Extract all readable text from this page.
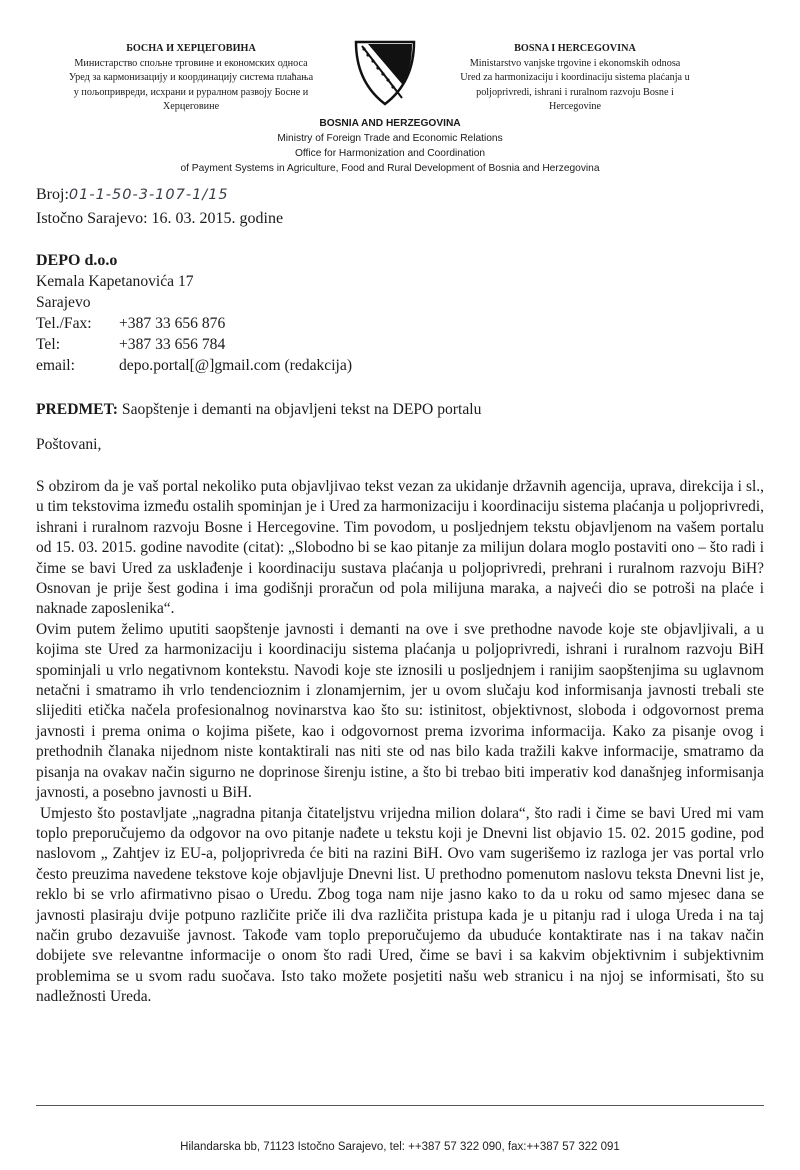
БОСНА И ХЕРЦЕГОВИНА
Министарство спољне трговине и економских односа
Уред за кармонизацију и координацију система плаћања
у пољопривреди, исхрани и руралном развоју Босне и
Херцеговине
BOSNA I HERCEGOVINA
Ministarstvo vanjske trgovine i ekonomskih odnosa
Ured za harmonizaciju i koordinaciju sistema plaćanja u
poljoprivredi, ishrani i ruralnom razvoju Bosne i
Hercegovine
BOSNIA AND HERZEGOVINA
Ministry of Foreign Trade and Economic Relations
Office for Harmonization and Coordination
of Payment Systems in Agriculture, Food and Rural Development of Bosnia and Herzegovina
Broj:01-1-50-3-107-1/15
Istočno Sarajevo: 16. 03. 2015. godine
DEPO d.o.o
Kemala Kapetanovića 17
Sarajevo
Tel./Fax:	+387 33 656 876
Tel:	+387 33 656 784
email:	depo.portal[@]gmail.com (redakcija)
PREDMET: Saopštenje i demanti na objavljeni tekst na DEPO portalu
Poštovani,

S obzirom da je vaš portal nekoliko puta objavljivao tekst vezan za ukidanje državnih agencija, uprava, direkcija i sl., u tim tekstovima između ostalih spominjan je i Ured za harmonizaciju i koordinaciju sistema plaćanja u poljoprivredi, ishrani i ruralnom razvoju Bosne i Hercegovine. Tim povodom, u posljednjem tekstu objavljenom na vašem portalu od 15. 03. 2015. godine navodite (citat): „Slobodno bi se kao pitanje za milijun dolara moglo postaviti ono – što radi i čime se bavi Ured za usklađenje i koordinaciju sustava plaćanja u poljoprivredi, prehrani i ruralnom razvoju BiH? Osnovan je prije šest godina i ima godišnji proračun od pola milijuna maraka, a najveći dio se potroši na plaće i naknade zaposlenika“.

Ovim putem želimo uputiti saopštenje javnosti i demanti na ove i sve prethodne navode koje ste objavljivali, a u kojima ste Ured za harmonizaciju i koordinaciju sistema plaćanja u poljoprivredi, ishrani i ruralnom razvoju BiH spominjali u vrlo negativnom kontekstu. Navodi koje ste iznosili u posljednjem i ranijim saopštenjima su uglavnom netačni i smatramo ih vrlo tendencioznim i zlonamjernim, jer u ovom slučaju kod informisanja javnosti trebali ste slijediti etička načela profesionalnog novinarstva kao što su: istinitost, objektivnost, sloboda i odgovornost prema javnosti i prema onima o kojima pišete, kao i odgovornost prema izvorima informacija. Kako za pisanje ovog i prethodnih članaka nijednom niste kontaktirali nas niti ste od nas bilo kada tražili kakve informacije, smatramo da pisanja na ovakav način sigurno ne doprinose širenju istine, a što bi trebao biti imperativ kod današnjeg informisanja javnosti, a posebno javnosti u BiH.

Umjesto što postavljate „nagradna pitanja čitateljstvu vrijedna milion dolara“, što radi i čime se bavi Ured mi vam toplo preporučujemo da odgovor na ovo pitanje nađete u tekstu koji je Dnevni list objavio 15. 02. 2015 godine, pod naslovom „ Zahtjev iz EU-a, poljoprivreda će biti na razini BiH. Ovo vam sugerišemo iz razloga jer vas portal vrlo često preuzima navedene tekstove koje objavljuje Dnevni list. U prethodno pomenutom naslovu teksta Dnevni list je, reklo bi se vrlo afirmativno pisao o Uredu. Zbog toga nam nije jasno kako to da u roku od samo mjesec dana se javnosti plasiraju dvije potpuno različite priče ili dva različita pristupa kada je u pitanju rad i uloga Ureda i na taj način grubo dezavuiše javnost. Takođe vam toplo preporučujemo da ubuduće kontaktirate nas i na takav način dobijete sve relevantne informacije o onom što radi Ured, čime se bavi i sa kakvim objektivnim i subjektivnim problemima se u svom radu suočava. Isto tako možete posjetiti našu web stranicu i na njoj se informisati, što su nadležnosti Ureda.

Hilandarska bb, 71123 Istočno Sarajevo, tel: ++387 57 322 090, fax:++387 57 322 091
